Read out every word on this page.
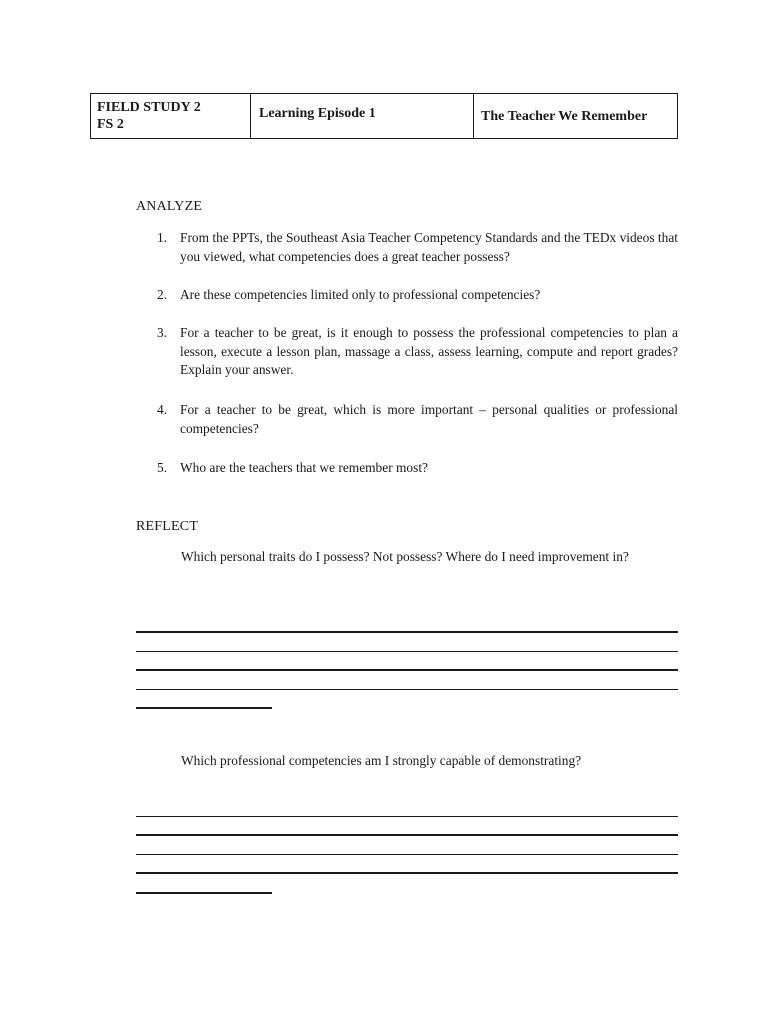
FIELD STUDY 2
FS 2
Learning Episode 1	The Teacher We Remember
ANALYZE
1. From the PPTs, the Southeast Asia Teacher Competency Standards and the TEDx videos that you viewed, what competencies does a great teacher possess?
2. Are these competencies limited only to professional competencies?
3. For a teacher to be great, is it enough to possess the professional competencies to plan a lesson, execute a lesson plan, massage a class, assess learning, compute and report grades? Explain your answer.
4. For a teacher to be great, which is more important – personal qualities or professional competencies?
5. Who are the teachers that we remember most?
REFLECT
Which personal traits do I possess? Not possess? Where do I need improvement in?
Which professional competencies am I strongly capable of demonstrating?
